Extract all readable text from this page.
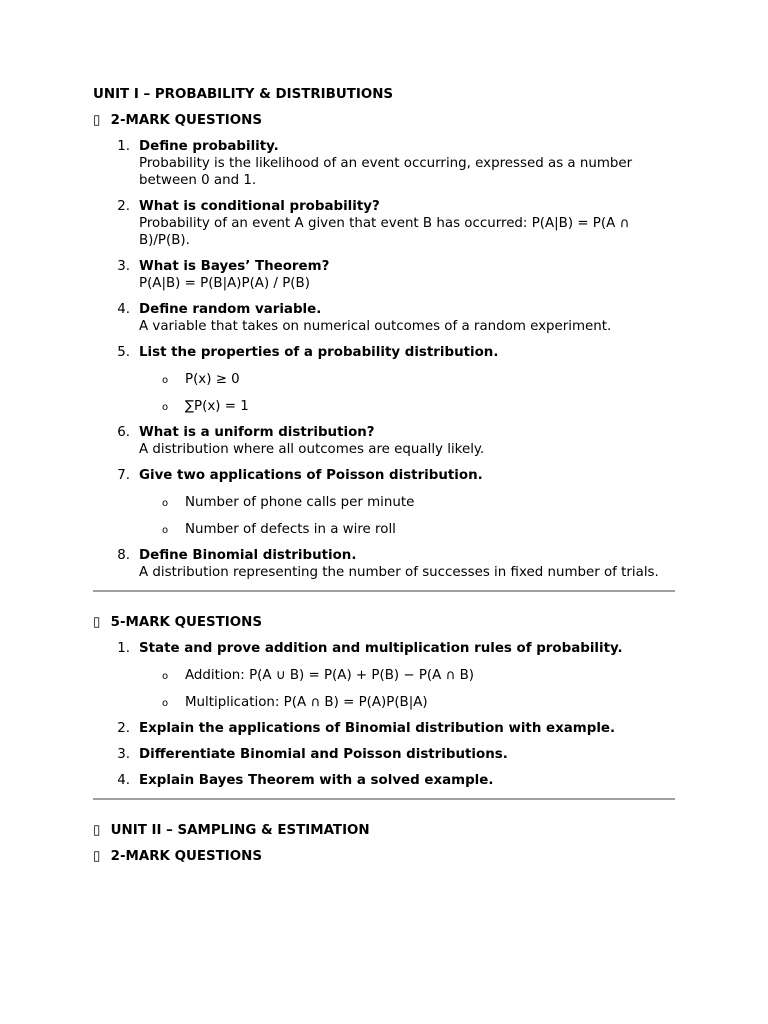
UNIT I – PROBABILITY & DISTRIBUTIONS

▯ 2-MARK QUESTIONS

1. Define probability.
Probability is the likelihood of an event occurring, expressed as a number between 0 and 1.
2. What is conditional probability?
Probability of an event A given that event B has occurred: P(A|B) = P(A ∩ B)/P(B).
3. What is Bayes’ Theorem?
P(A|B) = P(B|A)P(A) / P(B)
4. Define random variable.
A variable that takes on numerical outcomes of a random experiment.
5. List the properties of a probability distribution.
o P(x) ≥ 0
o ∑P(x) = 1
6. What is a uniform distribution?
A distribution where all outcomes are equally likely.
7. Give two applications of Poisson distribution.
o Number of phone calls per minute
o Number of defects in a wire roll
8. Define Binomial distribution.
A distribution representing the number of successes in fixed number of trials.

▯ 5-MARK QUESTIONS

1. State and prove addition and multiplication rules of probability.
o Addition: P(A ∪ B) = P(A) + P(B) − P(A ∩ B)
o Multiplication: P(A ∩ B) = P(A)P(B|A)
2. Explain the applications of Binomial distribution with example.
3. Differentiate Binomial and Poisson distributions.
4. Explain Bayes Theorem with a solved example.

▯ UNIT II – SAMPLING & ESTIMATION

▯ 2-MARK QUESTIONS
